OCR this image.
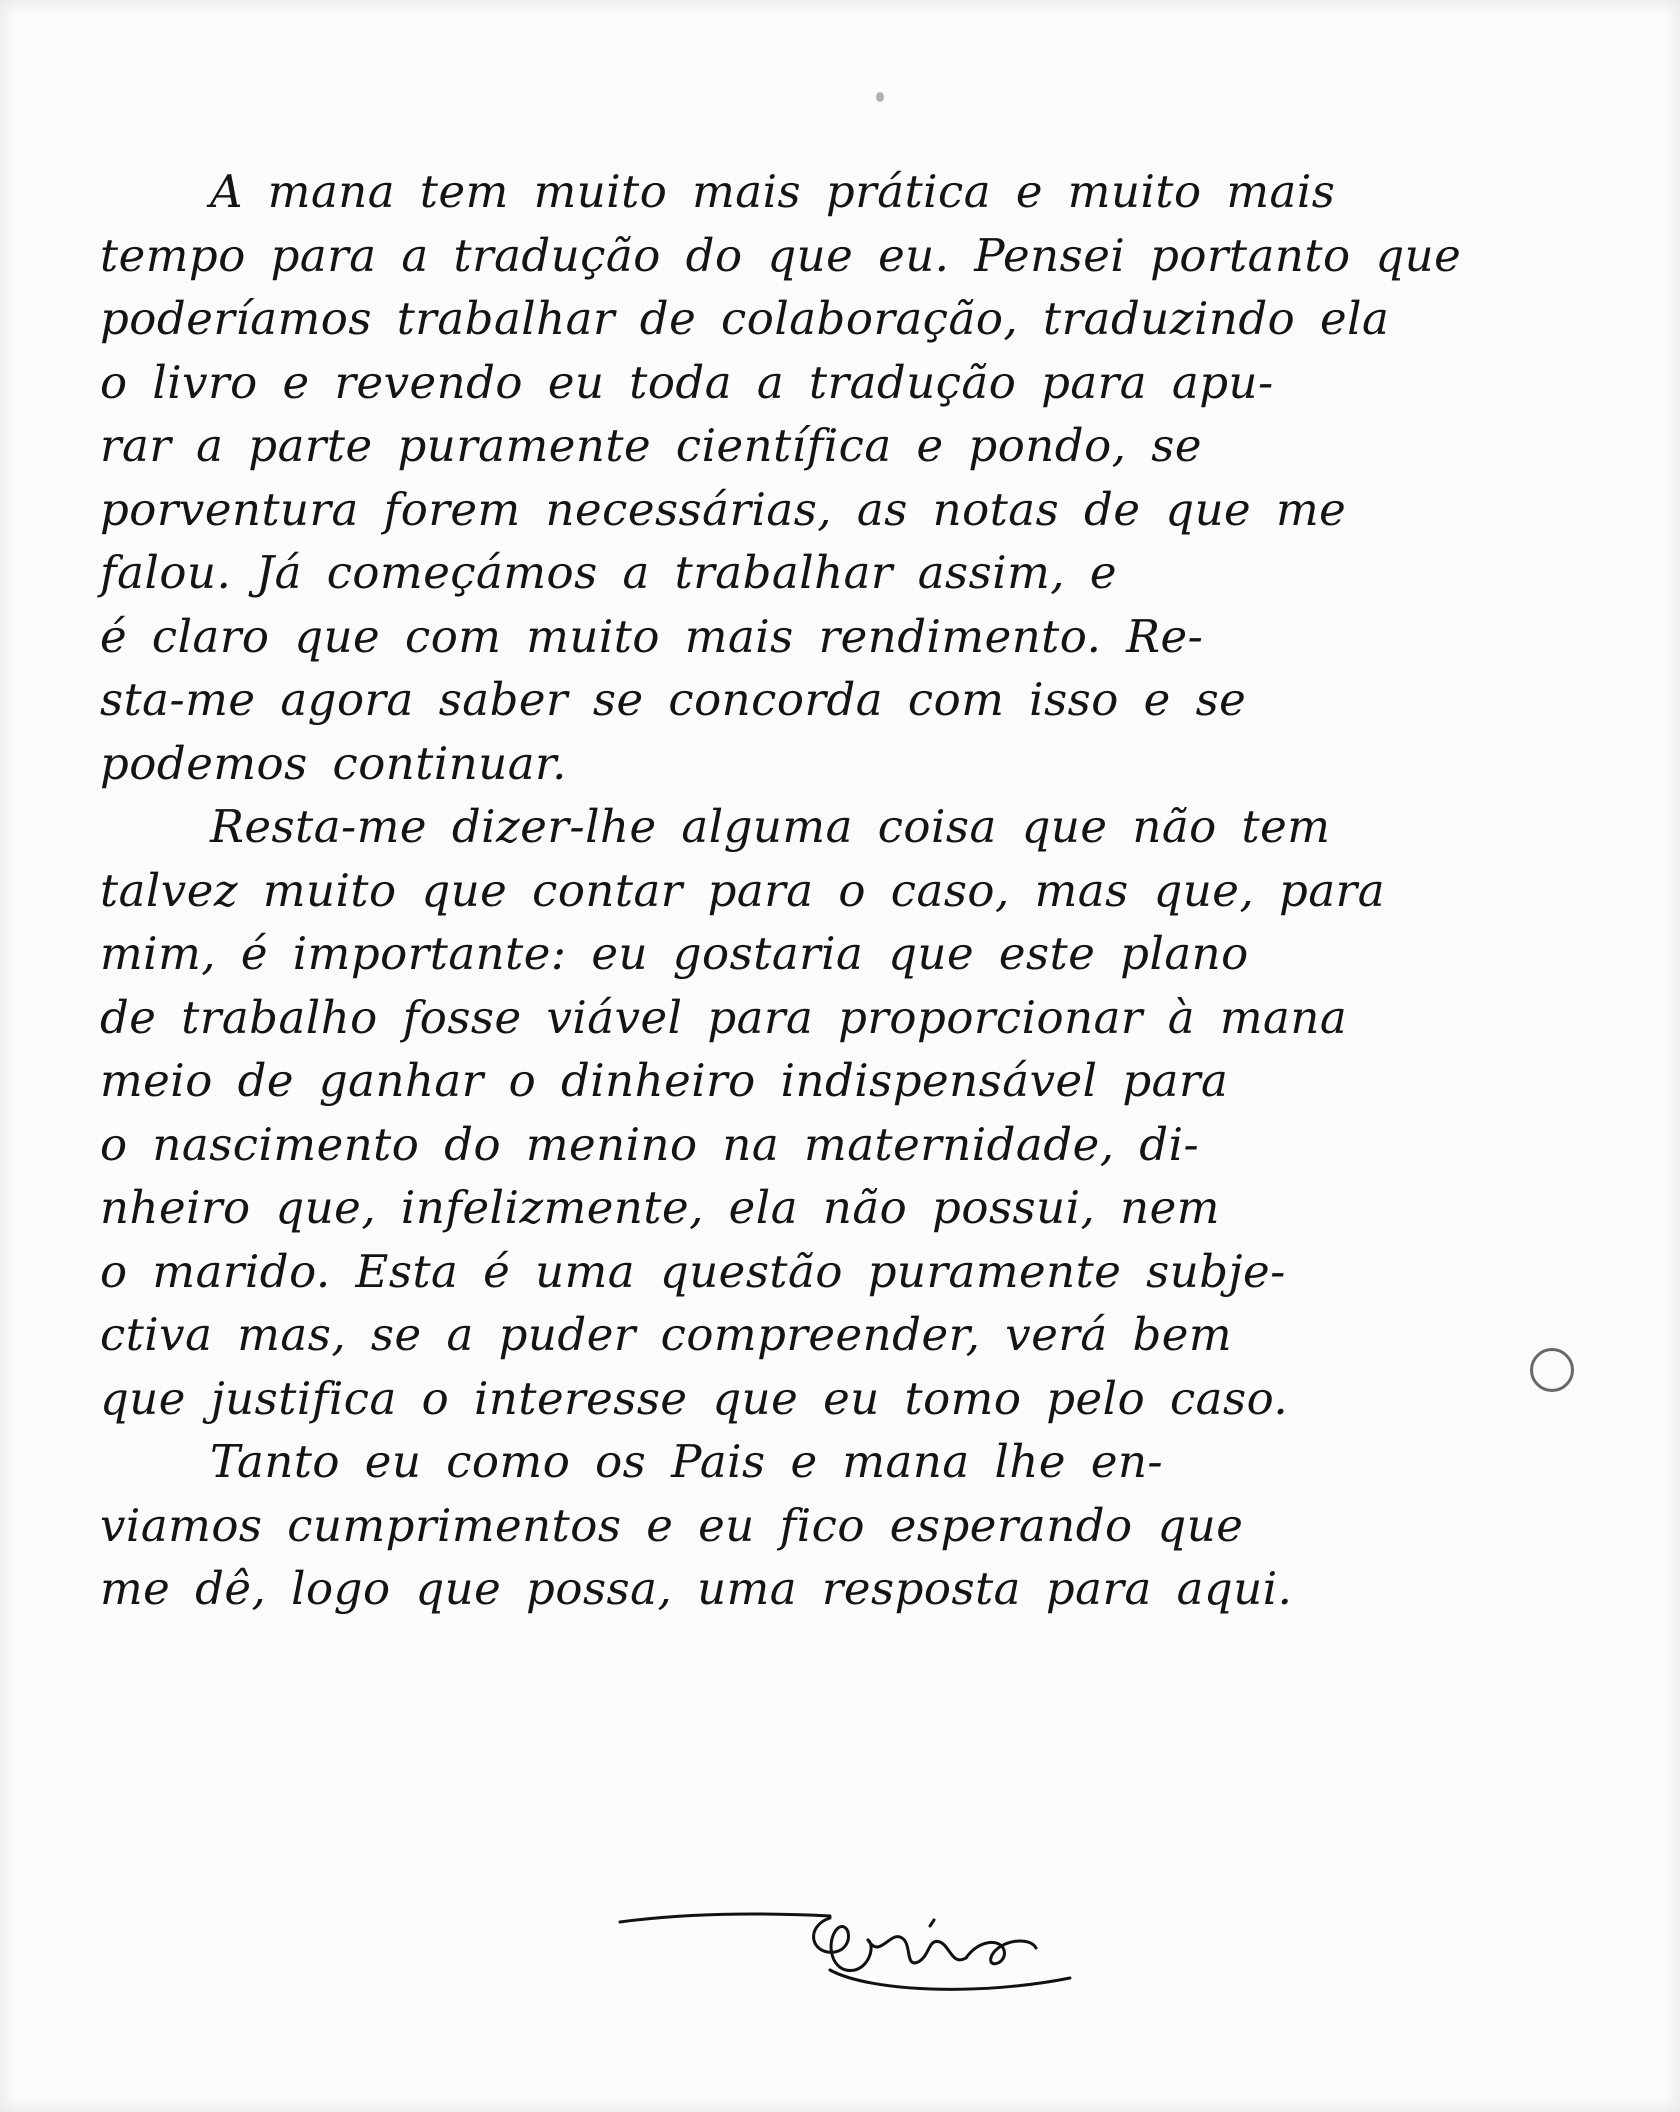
A mana tem muito mais prática e muito mais
tempo para a tradução do que eu. Pensei portanto que
poderíamos trabalhar de colaboração, traduzindo ela
o livro e revendo eu toda a tradução para apu-
rar a parte puramente científica e pondo, se
porventura forem necessárias, as notas de que me
falou. Já começámos a trabalhar assim, e
é claro que com muito mais rendimento. Re-
sta-me agora saber se concorda com isso e se
podemos continuar.
Resta-me dizer-lhe alguma coisa que não tem
talvez muito que contar para o caso, mas que, para
mim, é importante: eu gostaria que este plano
de trabalho fosse viável para proporcionar à mana
meio de ganhar o dinheiro indispensável para
o nascimento do menino na maternidade, di-
nheiro que, infelizmente, ela não possui, nem
o marido. Esta é uma questão puramente subje-
ctiva mas, se a puder compreender, verá bem
que justifica o interesse que eu tomo pelo caso.
Tanto eu como os Pais e mana lhe en-
viamos cumprimentos e eu fico esperando que
me dê, logo que possa, uma resposta para aqui.
